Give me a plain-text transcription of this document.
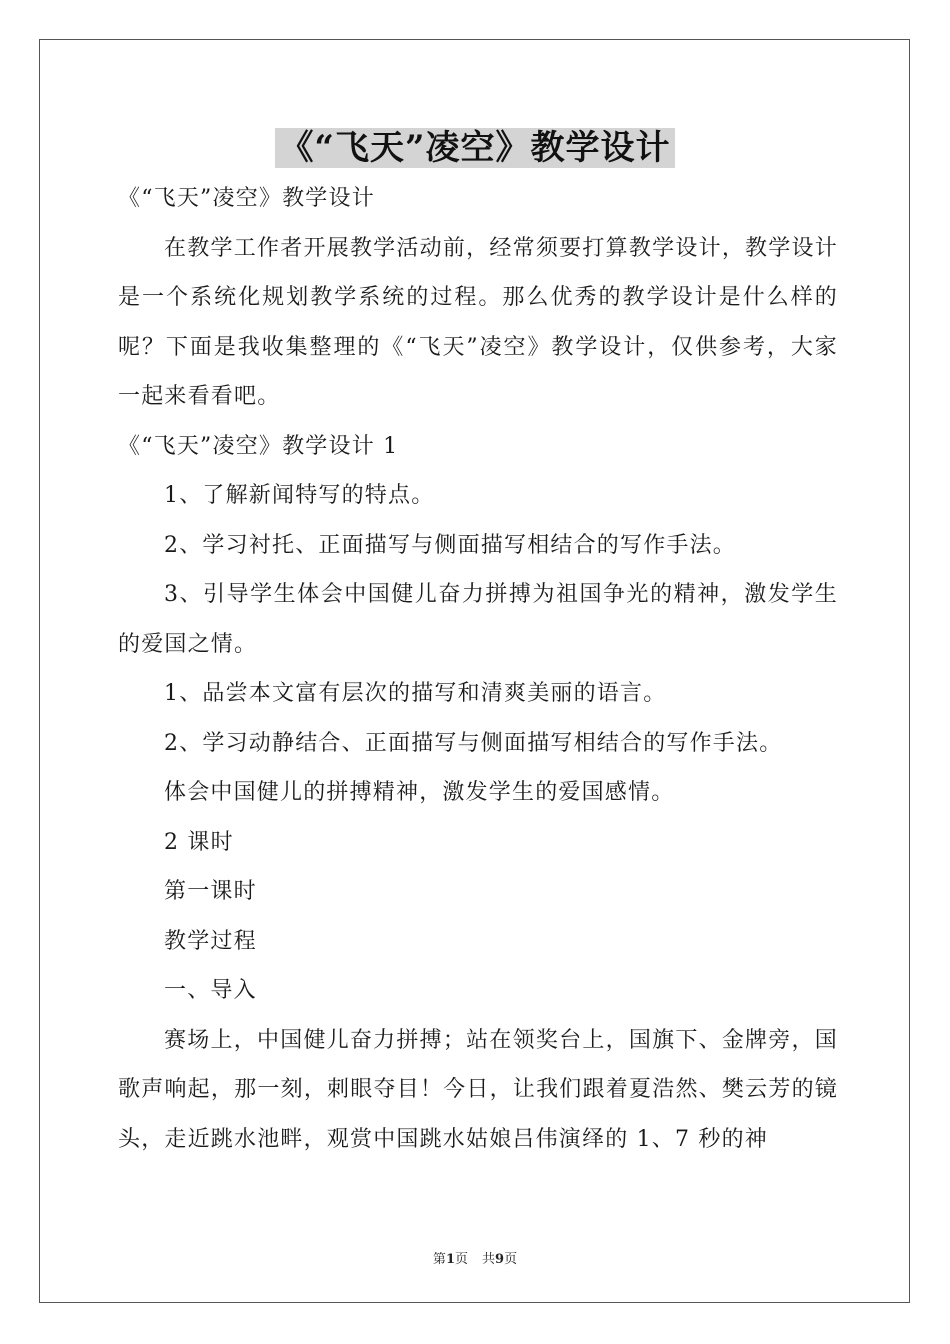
《“飞天”凌空》教学设计

《“飞天”凌空》教学设计

在教学工作者开展教学活动前，经常须要打算教学设计，教学设计是一个系统化规划教学系统的过程。那么优秀的教学设计是什么样的呢？下面是我收集整理的《“飞天”凌空》教学设计，仅供参考，大家一起来看看吧。

《“飞天”凌空》教学设计 1

1、了解新闻特写的特点。

2、学习衬托、正面描写与侧面描写相结合的写作手法。

3、引导学生体会中国健儿奋力拼搏为祖国争光的精神，激发学生的爱国之情。

1、品尝本文富有层次的描写和清爽美丽的语言。

2、学习动静结合、正面描写与侧面描写相结合的写作手法。

体会中国健儿的拼搏精神，激发学生的爱国感情。

2 课时

第一课时

教学过程

一、导入

赛场上，中国健儿奋力拼搏；站在领奖台上，国旗下、金牌旁，国歌声响起，那一刻，刺眼夺目！今日，让我们跟着夏浩然、樊云芳的镜头，走近跳水池畔，观赏中国跳水姑娘吕伟演绎的 1、7 秒的神

第1页 共9页
